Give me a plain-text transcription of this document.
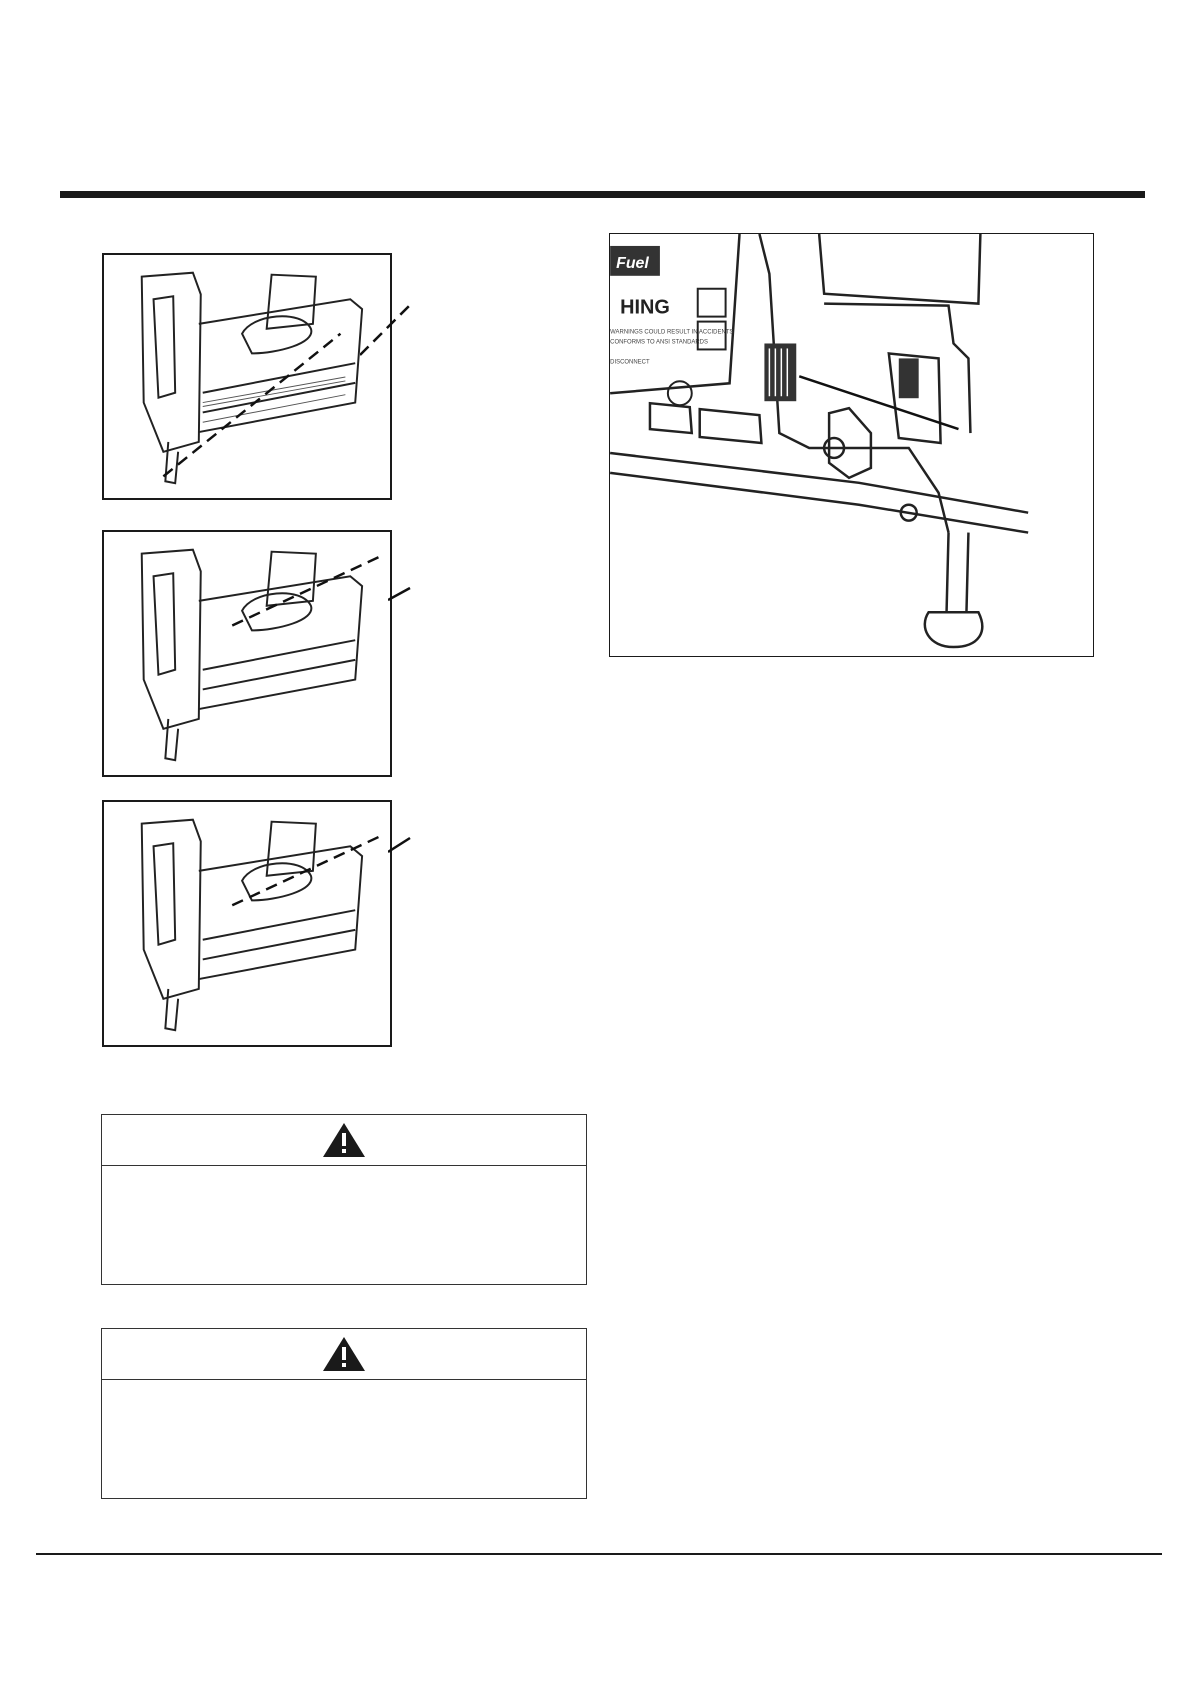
Fuel
HING
WARNINGS COULD RESULT IN ACCIDENTS
CONFORMS TO ANSI STANDARDS
DISCONNECT
